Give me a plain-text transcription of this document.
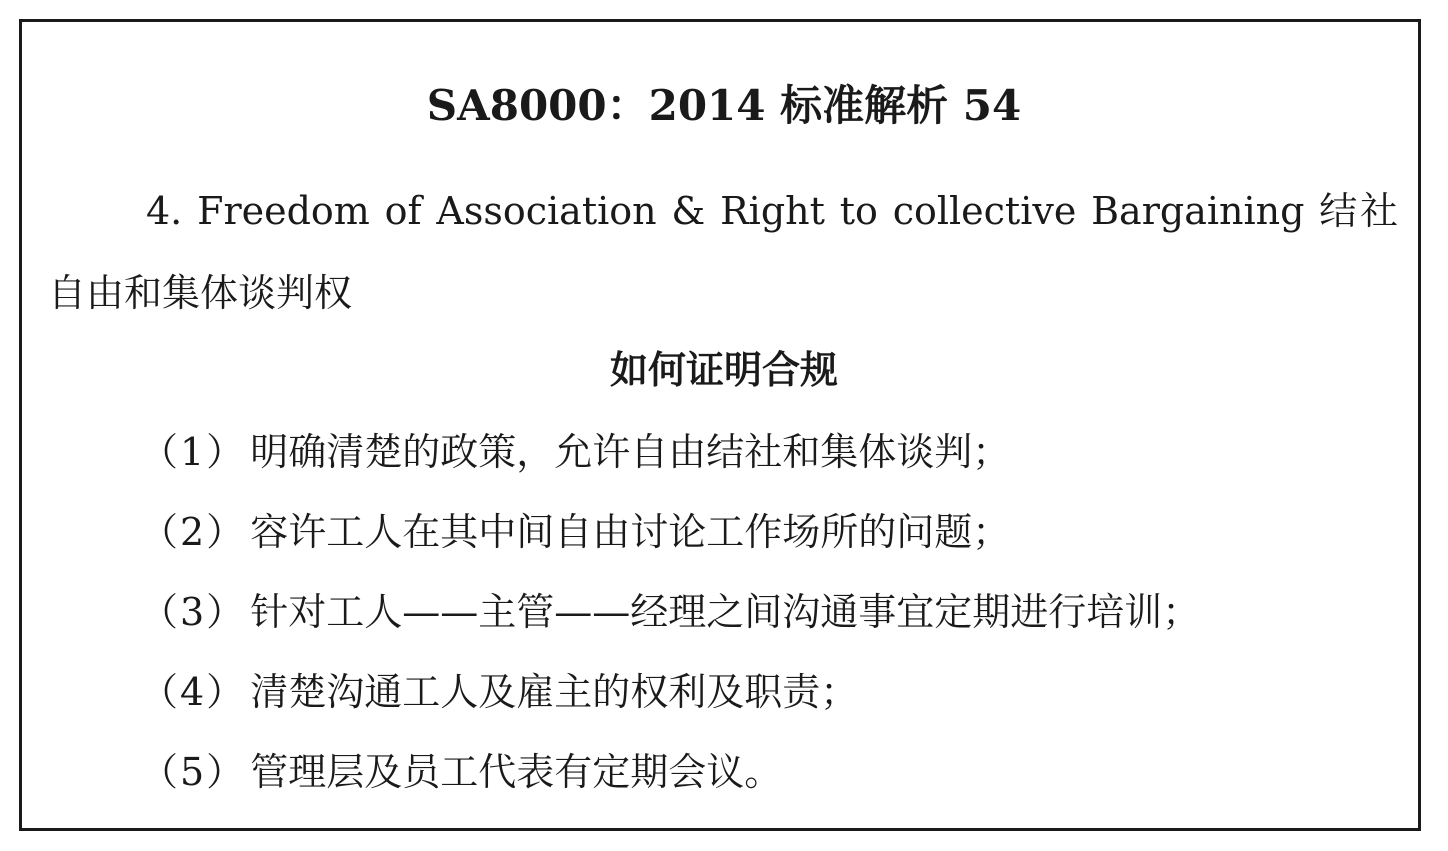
SA8000：2014 标准解析 54

4. Freedom of Association & Right to collective Bargaining 结社自由和集体谈判权

如何证明合规
（1） 明确清楚的政策，允许自由结社和集体谈判；
（2） 容许工人在其中间自由讨论工作场所的问题；
（3） 针对工人——主管——经理之间沟通事宜定期进行培训；
（4） 清楚沟通工人及雇主的权利及职责；
（5） 管理层及员工代表有定期会议。
